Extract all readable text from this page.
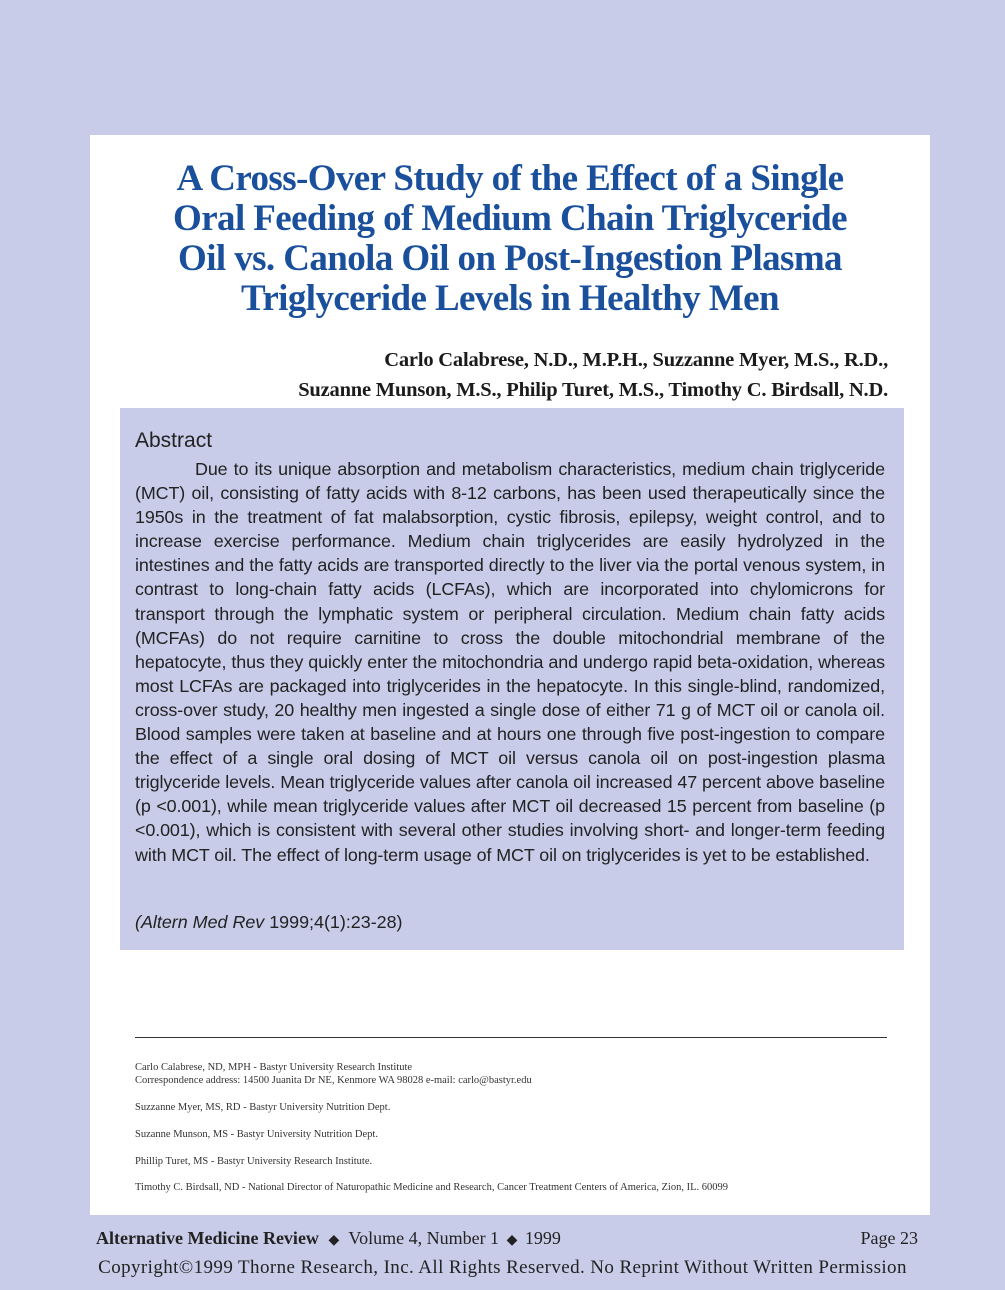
A Cross-Over Study of the Effect of a Single
Oral Feeding of Medium Chain Triglyceride
Oil vs. Canola Oil on Post-Ingestion Plasma
Triglyceride Levels in Healthy Men
Carlo Calabrese, N.D., M.P.H., Suzzanne Myer, M.S., R.D.,
Suzanne Munson, M.S., Philip Turet, M.S., Timothy C. Birdsall, N.D.
Abstract
Due to its unique absorption and metabolism characteristics, medium chain triglyceride (MCT) oil, consisting of fatty acids with 8-12 carbons, has been used therapeutically since the 1950s in the treatment of fat malabsorption, cystic fibrosis, epilepsy, weight control, and to increase exercise performance. Medium chain triglycerides are easily hydrolyzed in the intestines and the fatty acids are transported directly to the liver via the portal venous system, in contrast to long-chain fatty acids (LCFAs), which are incorporated into chylomicrons for transport through the lymphatic system or peripheral circulation. Medium chain fatty acids (MCFAs) do not require carnitine to cross the double mitochondrial membrane of the hepatocyte, thus they quickly enter the mitochondria and undergo rapid beta-oxidation, whereas most LCFAs are packaged into triglycerides in the hepatocyte. In this single-blind, randomized, cross-over study, 20 healthy men ingested a single dose of either 71 g of MCT oil or canola oil. Blood samples were taken at baseline and at hours one through five post-ingestion to compare the effect of a single oral dosing of MCT oil versus canola oil on post-ingestion plasma triglyceride levels. Mean triglyceride values after canola oil increased 47 percent above baseline (p <0.001), while mean triglyceride values after MCT oil decreased 15 percent from baseline (p <0.001), which is consistent with several other studies involving short- and longer-term feeding with MCT oil. The effect of long-term usage of MCT oil on triglycerides is yet to be established.
(Altern Med Rev 1999;4(1):23-28)
Carlo Calabrese, ND, MPH - Bastyr University Research Institute
Correspondence address: 14500 Juanita Dr NE, Kenmore WA 98028 e-mail: carlo@bastyr.edu
Suzzanne Myer, MS, RD - Bastyr University Nutrition Dept.
Suzanne Munson, MS - Bastyr University Nutrition Dept.
Phillip Turet, MS - Bastyr University Research Institute.
Timothy C. Birdsall, ND - National Director of Naturopathic Medicine and Research, Cancer Treatment Centers of America, Zion, IL. 60099
Alternative Medicine Review ◆ Volume 4, Number 1 ◆ 1999	Page 23
Copyright©1999 Thorne Research, Inc. All Rights Reserved. No Reprint Without Written Permission
